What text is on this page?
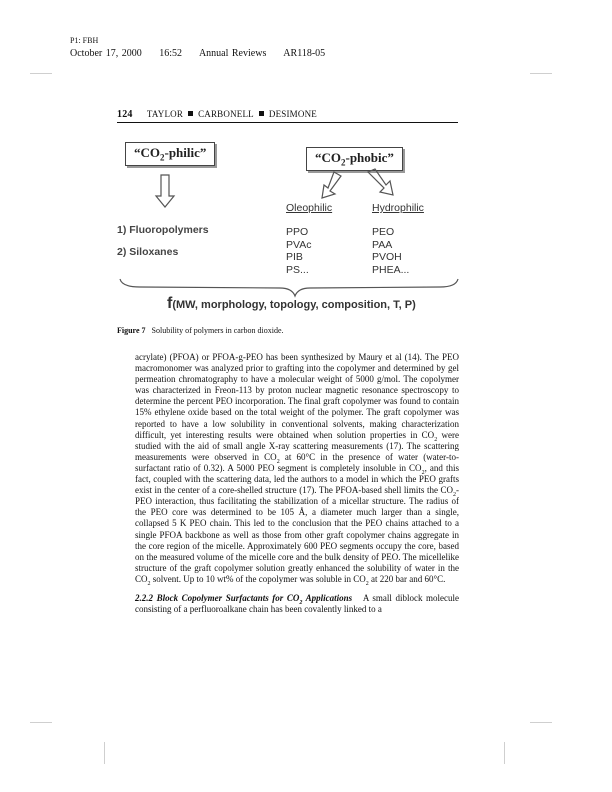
P1: FBH
October 17, 2000 16:52 Annual Reviews AR118-05
124 TAYLOR CARBONELL DESIMONE
“$CO_2$-philic”	“$CO_2$-phobic”
1) Fluoropolymers
2) Siloxanes
Oleophilic
PPO
PVAc
PIB
PS...
Hydrophilic
PEO
PAA
PVOH
PHEA...
f(MW, morphology, topology, composition, T, P)
Figure 7 Solubility of polymers in carbon dioxide.

acrylate) (PFOA) or PFOA-g-PEO has been synthesized by Maury et al (14). The PEO macromonomer was analyzed prior to grafting into the copolymer and determined by gel permeation chromatography to have a molecular weight of 5000 g/mol. The copolymer was characterized in Freon-113 by proton nuclear magnetic resonance spectroscopy to determine the percent PEO incorporation. The final graft copolymer was found to contain 15% ethylene oxide based on the total weight of the polymer. The graft copolymer was reported to have a low solubility in conventional solvents, making characterization difficult, yet interesting results were obtained when solution properties in $CO_2$ were studied with the aid of small angle X-ray scattering measurements (17). The scattering measurements were observed in $CO_2$ at 60°C in the presence of water (water-to-surfactant ratio of 0.32). A 5000 PEO segment is completely insoluble in $CO_2$, and this fact, coupled with the scattering data, led the authors to a model in which the PEO grafts exist in the center of a core-shelled structure (17). The PFOA-based shell limits the $CO_2$-PEO interaction, thus facilitating the stabilization of a micellar structure. The radius of the PEO core was determined to be 105 Å, a diameter much larger than a single, collapsed 5 K PEO chain. This led to the conclusion that the PEO chains attached to a single PFOA backbone as well as those from other graft copolymer chains aggregate in the core region of the micelle. Approximately 600 PEO segments occupy the core, based on the measured volume of the micelle core and the bulk density of PEO. The micellelike structure of the graft copolymer solution greatly enhanced the solubility of water in the $CO_2$ solvent. Up to 10 wt% of the copolymer was soluble in $CO_2$ at 220 bar and 60°C.

2.2.2 Block Copolymer Surfactants for $CO_2$ Applications A small diblock molecule consisting of a perfluoroalkane chain has been covalently linked to a
